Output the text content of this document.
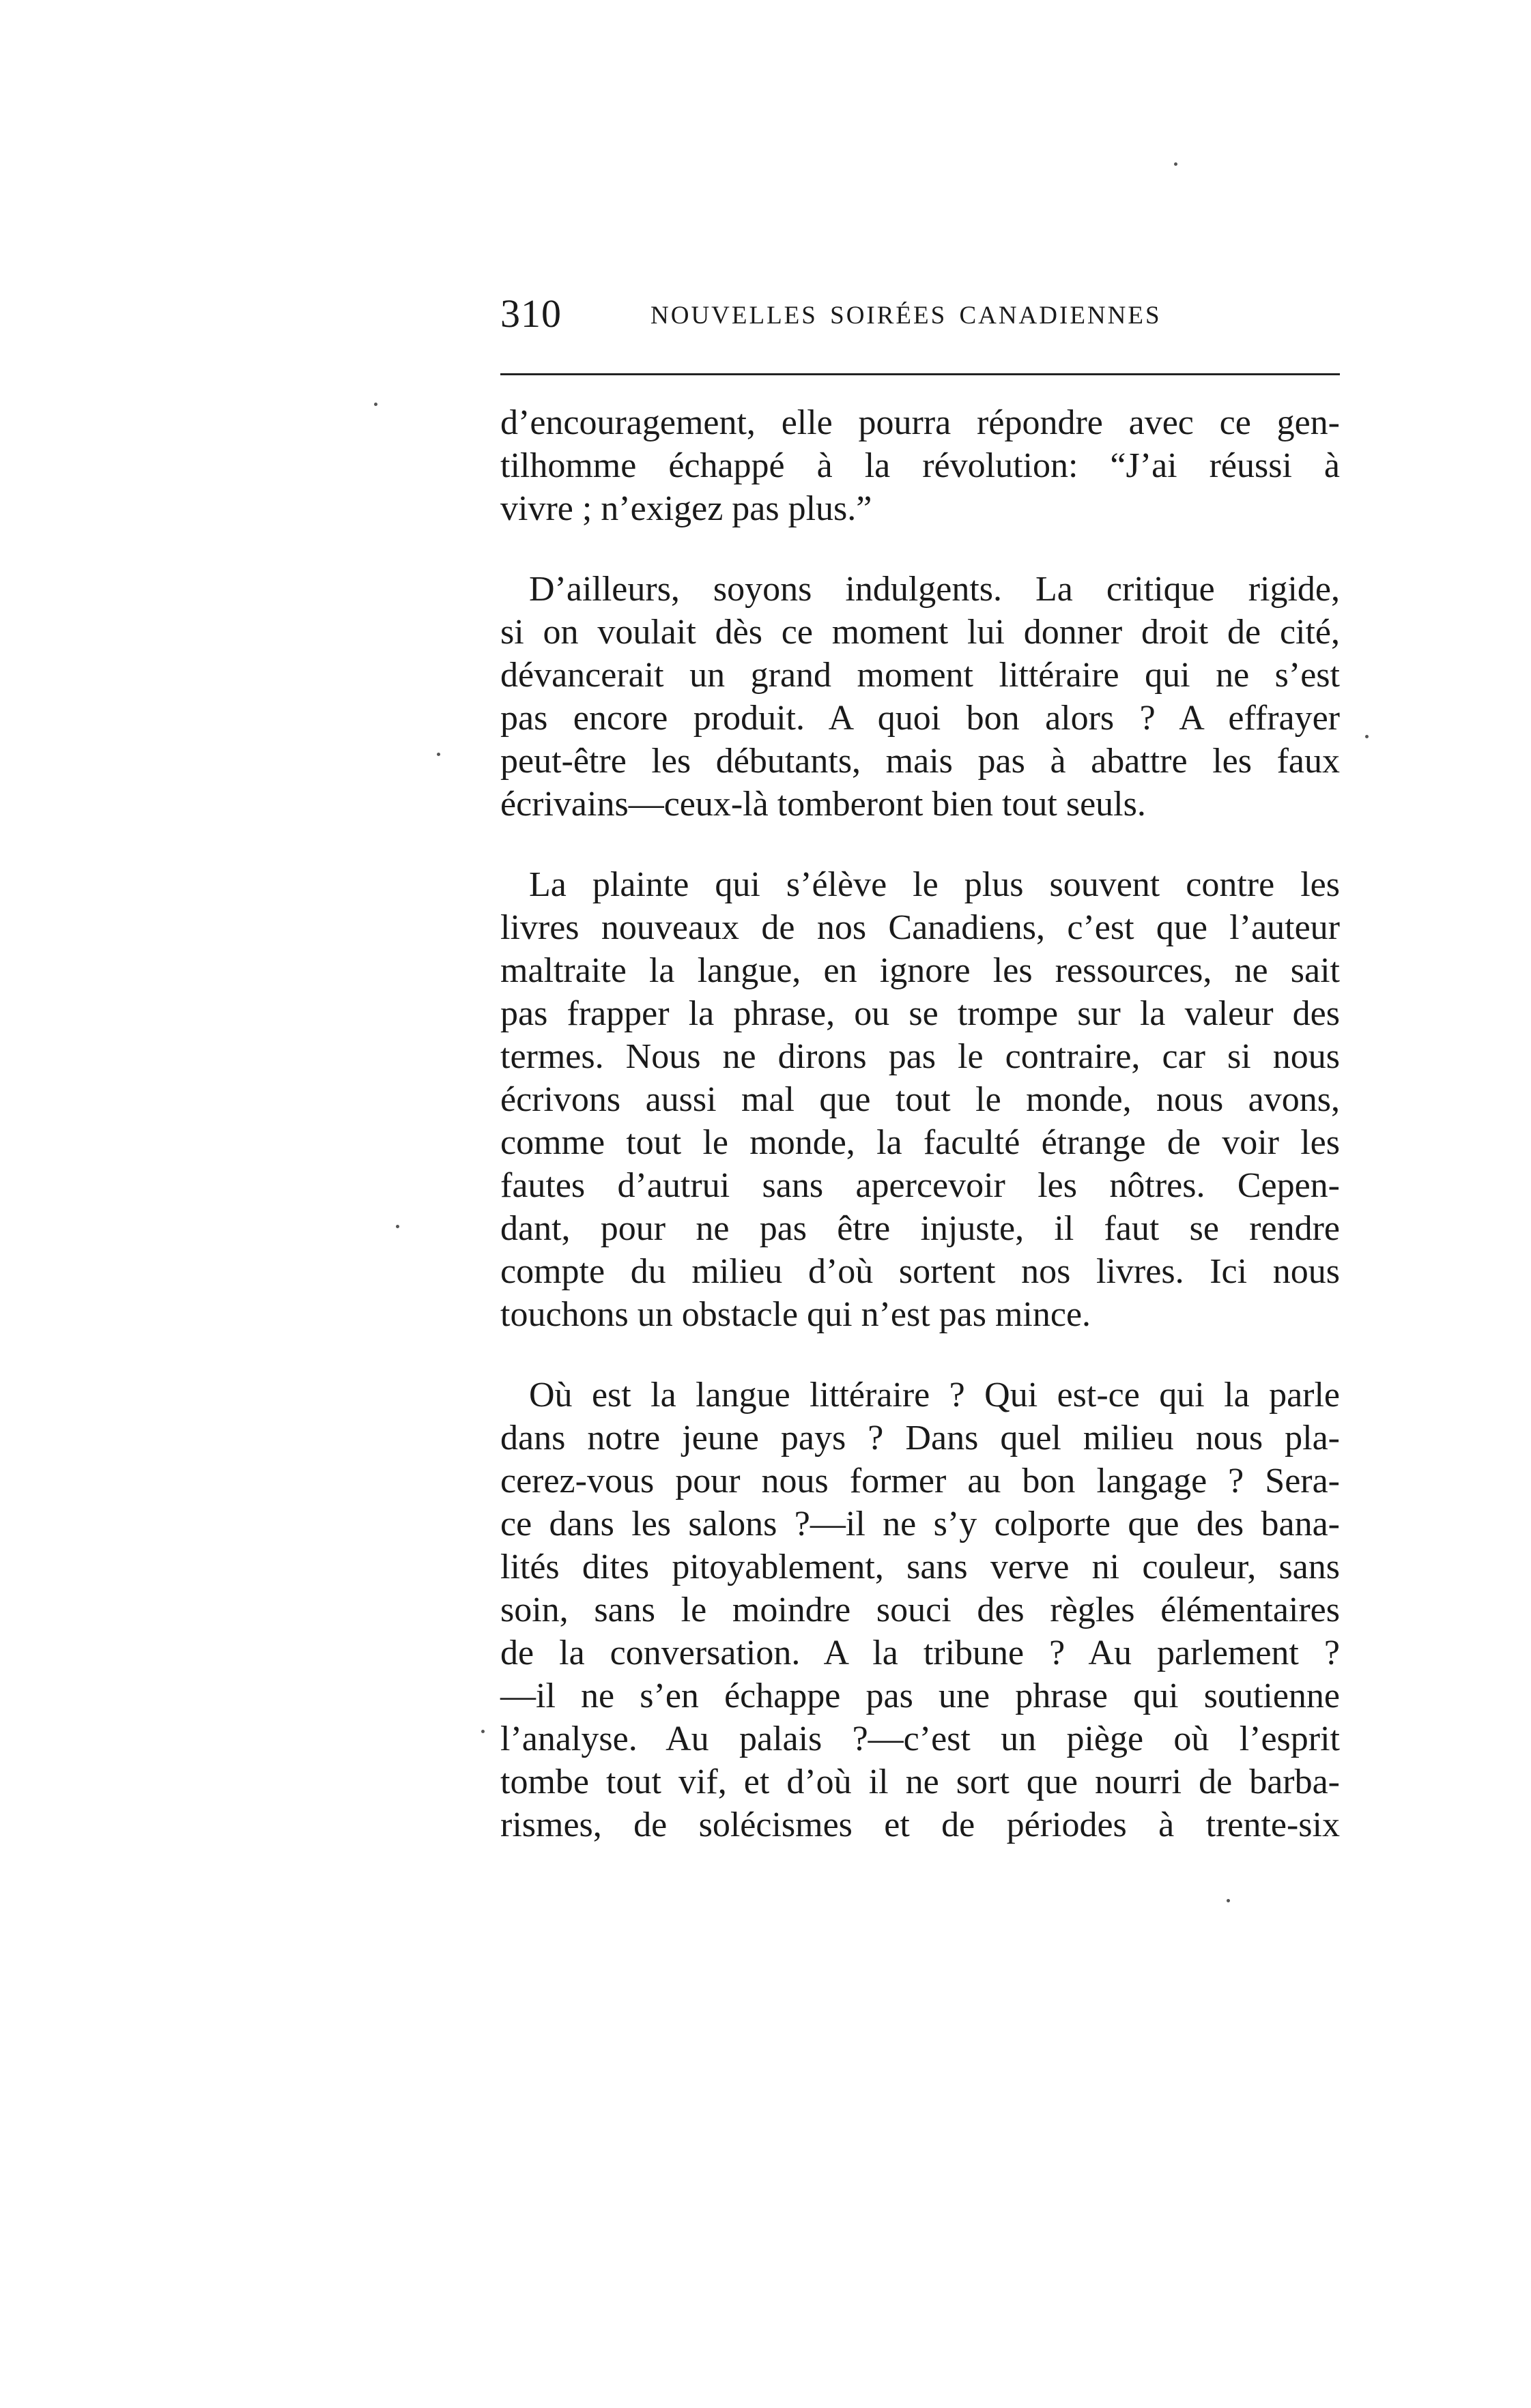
310	NOUVELLES SOIRÉES CANADIENNES
d’encouragement, elle pourra répondre avec ce gen-
tilhomme échappé à la révolution: “J’ai réussi à
vivre ; n’exigez pas plus.”
D’ailleurs, soyons indulgents. La critique rigide,
si on voulait dès ce moment lui donner droit de cité,
dévancerait un grand moment littéraire qui ne s’est
pas encore produit. A quoi bon alors ? A effrayer
peut-être les débutants, mais pas à abattre les faux
écrivains—ceux-là tomberont bien tout seuls.
La plainte qui s’élève le plus souvent contre les
livres nouveaux de nos Canadiens, c’est que l’auteur
maltraite la langue, en ignore les ressources, ne sait
pas frapper la phrase, ou se trompe sur la valeur des
termes. Nous ne dirons pas le contraire, car si nous
écrivons aussi mal que tout le monde, nous avons,
comme tout le monde, la faculté étrange de voir les
fautes d’autrui sans apercevoir les nôtres. Cepen-
dant, pour ne pas être injuste, il faut se rendre
compte du milieu d’où sortent nos livres. Ici nous
touchons un obstacle qui n’est pas mince.
Où est la langue littéraire ? Qui est-ce qui la parle
dans notre jeune pays ? Dans quel milieu nous pla-
cerez-vous pour nous former au bon langage ? Sera-
ce dans les salons ?—il ne s’y colporte que des bana-
lités dites pitoyablement, sans verve ni couleur, sans
soin, sans le moindre souci des règles élémentaires
de la conversation. A la tribune ? Au parlement ?
—il ne s’en échappe pas une phrase qui soutienne
l’analyse. Au palais ?—c’est un piège où l’esprit
tombe tout vif, et d’où il ne sort que nourri de barba-
rismes, de solécismes et de périodes à trente-six
